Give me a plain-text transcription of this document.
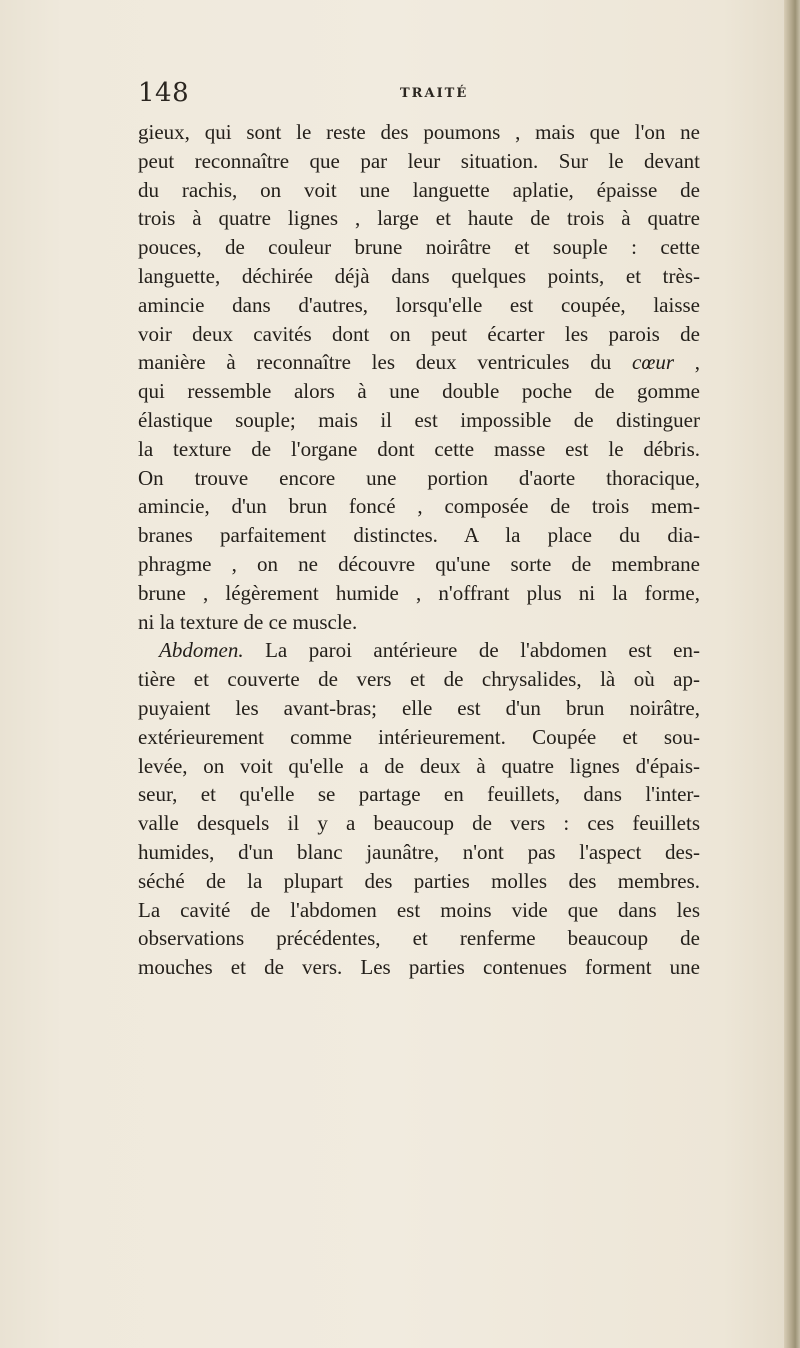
148	TRAITÉ
gieux, qui sont le reste des poumons , mais que l'on ne
peut reconnaître que par leur situation. Sur le devant
du rachis, on voit une languette aplatie, épaisse de
trois à quatre lignes , large et haute de trois à quatre
pouces, de couleur brune noirâtre et souple : cette
languette, déchirée déjà dans quelques points, et très-
amincie dans d'autres, lorsqu'elle est coupée, laisse
voir deux cavités dont on peut écarter les parois de
manière à reconnaître les deux ventricules du cœur ,
qui ressemble alors à une double poche de gomme
élastique souple; mais il est impossible de distinguer
la texture de l'organe dont cette masse est le débris.
On trouve encore une portion d'aorte thoracique,
amincie, d'un brun foncé , composée de trois mem-
branes parfaitement distinctes. A la place du dia-
phragme , on ne découvre qu'une sorte de membrane
brune , légèrement humide , n'offrant plus ni la forme,
ni la texture de ce muscle.
 Abdomen. La paroi antérieure de l'abdomen est en-
tière et couverte de vers et de chrysalides, là où ap-
puyaient les avant-bras; elle est d'un brun noirâtre,
extérieurement comme intérieurement. Coupée et sou-
levée, on voit qu'elle a de deux à quatre lignes d'épais-
seur, et qu'elle se partage en feuillets, dans l'inter-
valle desquels il y a beaucoup de vers : ces feuillets
humides, d'un blanc jaunâtre, n'ont pas l'aspect des-
séché de la plupart des parties molles des membres.
La cavité de l'abdomen est moins vide que dans les
observations précédentes, et renferme beaucoup de
mouches et de vers. Les parties contenues forment une
